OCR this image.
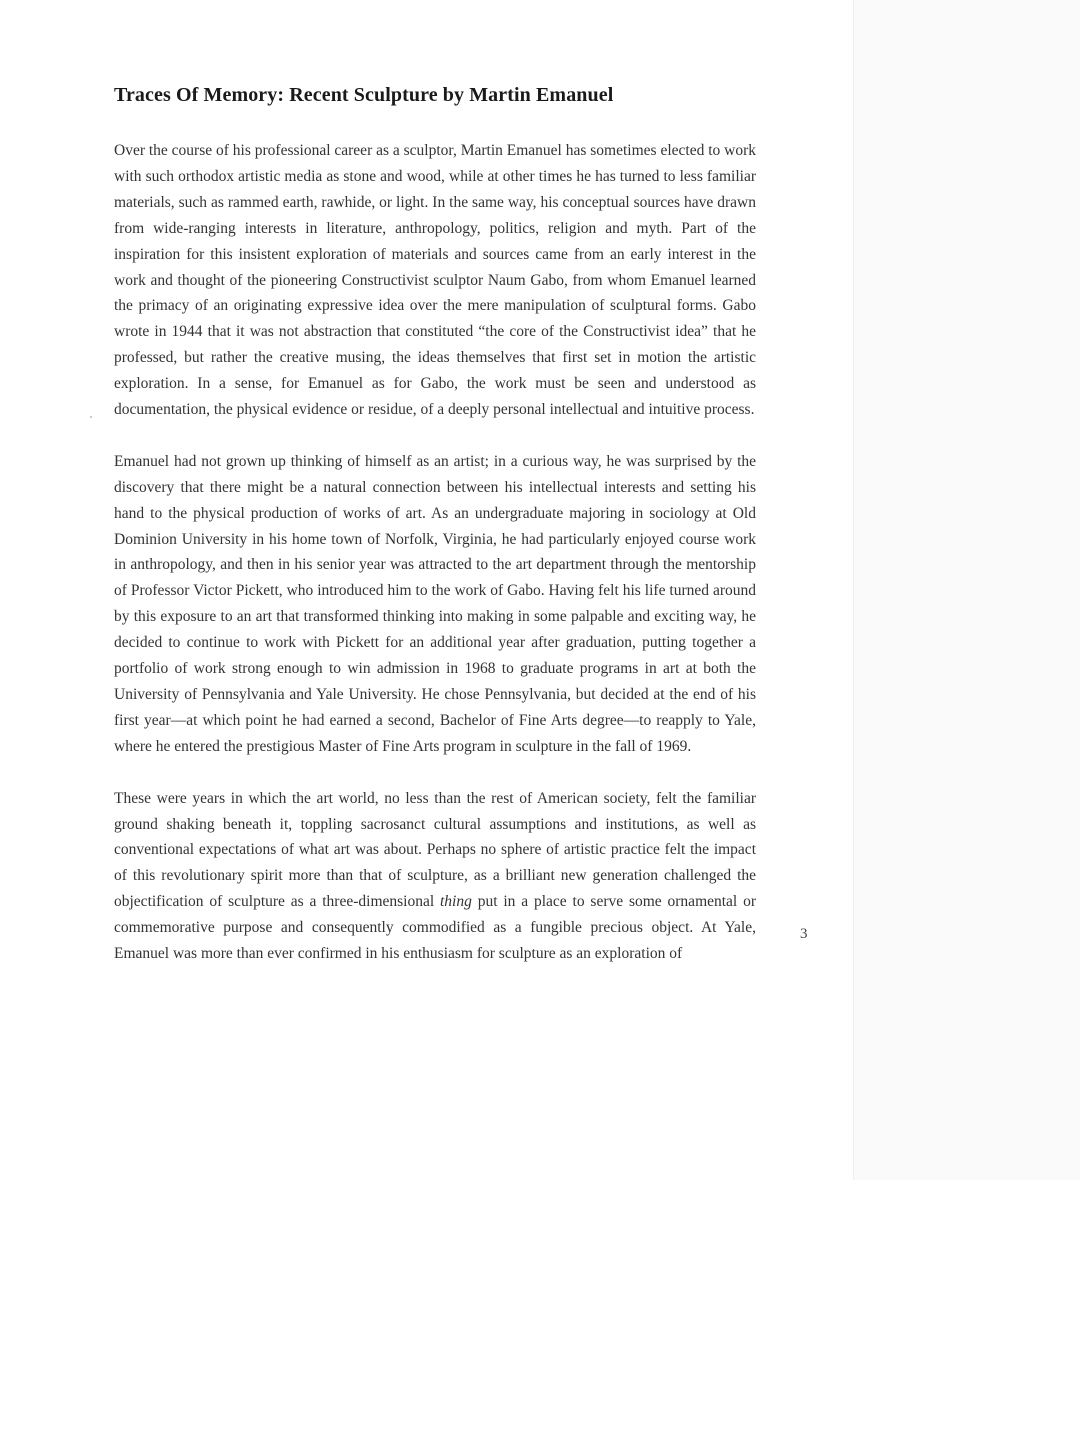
Traces Of Memory: Recent Sculpture by Martin Emanuel

Over the course of his professional career as a sculptor, Martin Emanuel has sometimes elected to work with such orthodox artistic media as stone and wood, while at other times he has turned to less familiar materials, such as rammed earth, rawhide, or light. In the same way, his conceptual sources have drawn from wide-ranging interests in literature, anthropology, politics, religion and myth. Part of the inspiration for this insistent exploration of materials and sources came from an early interest in the work and thought of the pioneering Constructivist sculptor Naum Gabo, from whom Emanuel learned the primacy of an originating expressive idea over the mere manipulation of sculptural forms. Gabo wrote in 1944 that it was not abstraction that constituted “the core of the Constructivist idea” that he professed, but rather the creative musing, the ideas themselves that first set in motion the artistic exploration. In a sense, for Emanuel as for Gabo, the work must be seen and understood as documentation, the physical evidence or residue, of a deeply personal intellectual and intuitive process.

Emanuel had not grown up thinking of himself as an artist; in a curious way, he was surprised by the discovery that there might be a natural connection between his intellectual interests and setting his hand to the physical production of works of art. As an undergraduate majoring in sociology at Old Dominion University in his home town of Norfolk, Virginia, he had particularly enjoyed course work in anthropology, and then in his senior year was attracted to the art department through the mentorship of Professor Victor Pickett, who introduced him to the work of Gabo. Having felt his life turned around by this exposure to an art that transformed thinking into making in some palpable and exciting way, he decided to continue to work with Pickett for an additional year after graduation, putting together a portfolio of work strong enough to win admission in 1968 to graduate programs in art at both the University of Pennsylvania and Yale University. He chose Pennsylvania, but decided at the end of his first year—at which point he had earned a second, Bachelor of Fine Arts degree—to reapply to Yale, where he entered the prestigious Master of Fine Arts program in sculpture in the fall of 1969.

These were years in which the art world, no less than the rest of American society, felt the familiar ground shaking beneath it, toppling sacrosanct cultural assumptions and institutions, as well as conventional expectations of what art was about. Perhaps no sphere of artistic practice felt the impact of this revolutionary spirit more than that of sculpture, as a brilliant new generation challenged the objectification of sculpture as a three-dimensional thing put in a place to serve some ornamental or commemorative purpose and consequently commodified as a fungible precious object. At Yale, Emanuel was more than ever confirmed in his enthusiasm for sculpture as an exploration of

3
